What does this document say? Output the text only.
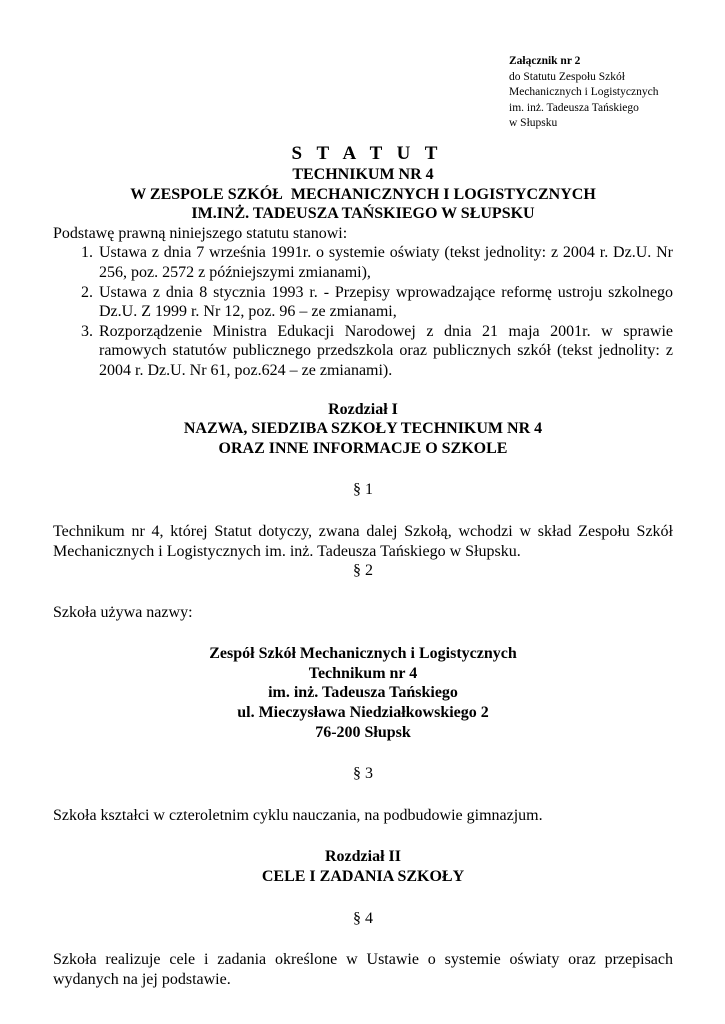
Załącznik nr 2
do Statutu Zespołu Szkół
Mechanicznych i Logistycznych
im. inż. Tadeusza Tańskiego
w Słupsku
S T A T U T
TECHNIKUM NR 4
W ZESPOLE SZKÓŁ  MECHANICZNYCH I LOGISTYCZNYCH
IM.INŻ. TADEUSZA TAŃSKIEGO W SŁUPSKU

Podstawę prawną niniejszego statutu stanowi:

1. Ustawa z dnia 7 września 1991r. o systemie oświaty (tekst jednolity: z 2004 r. Dz.U. Nr 256, poz. 2572 z późniejszymi zmianami),
2. Ustawa z dnia 8 stycznia 1993 r. - Przepisy wprowadzające reformę ustroju szkolnego Dz.U. Z 1999 r. Nr 12, poz. 96 – ze zmianami,
3. Rozporządzenie Ministra Edukacji Narodowej z dnia 21 maja 2001r. w sprawie ramowych statutów publicznego przedszkola oraz publicznych szkół (tekst jednolity: z 2004 r. Dz.U. Nr 61, poz.624 – ze zmianami).
Rozdział I
NAZWA, SIEDZIBA SZKOŁY TECHNIKUM NR 4
ORAZ INNE INFORMACJE O SZKOLE
§ 1

Technikum nr 4, której Statut dotyczy, zwana dalej Szkołą, wchodzi w skład Zespołu Szkół Mechanicznych i Logistycznych im. inż. Tadeusza Tańskiego w Słupsku.

§ 2

Szkoła używa nazwy:

Zespół Szkół Mechanicznych i Logistycznych
Technikum nr 4
im. inż. Tadeusza Tańskiego
ul. Mieczysława Niedziałkowskiego 2
76-200 Słupsk
§ 3

Szkoła kształci w czteroletnim cyklu nauczania, na podbudowie gimnazjum.

Rozdział II
CELE I ZADANIA SZKOŁY
§ 4

Szkoła realizuje cele i zadania określone w Ustawie o systemie oświaty oraz przepisach wydanych na jej podstawie.
